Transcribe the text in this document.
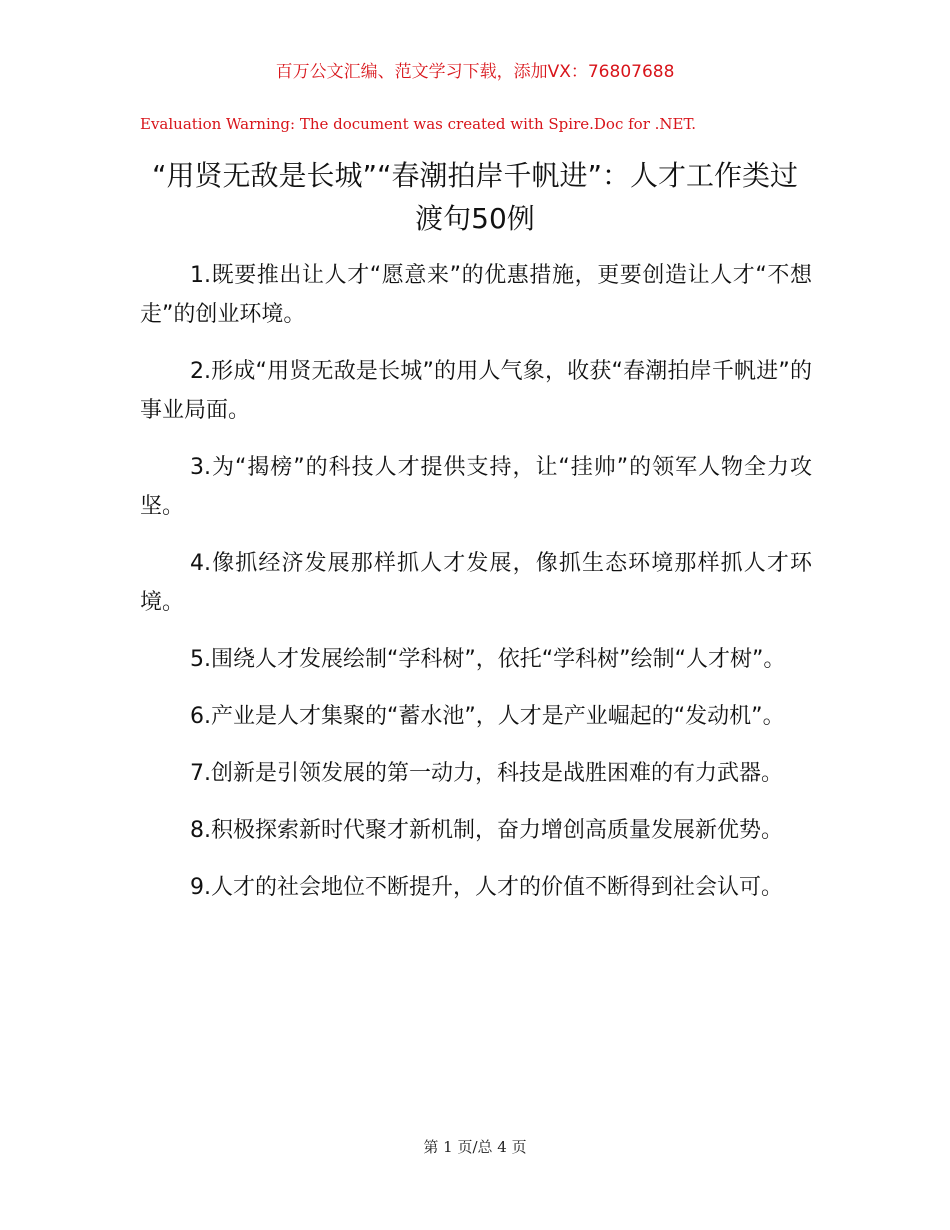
百万公文汇编、范文学习下载，添加VX：76807688
Evaluation Warning: The document was created with Spire.Doc for .NET.
“用贤无敌是长城”“春潮拍岸千帆进”：人才工作类过渡句50例
1.既要推出让人才“愿意来”的优惠措施，更要创造让人才“不想走”的创业环境。
2.形成“用贤无敌是长城”的用人气象，收获“春潮拍岸千帆进”的事业局面。
3.为“揭榜”的科技人才提供支持，让“挂帅”的领军人物全力攻坚。
4.像抓经济发展那样抓人才发展，像抓生态环境那样抓人才环境。
5.围绕人才发展绘制“学科树”，依托“学科树”绘制“人才树”。
6.产业是人才集聚的“蓄水池”，人才是产业崛起的“发动机”。
7.创新是引领发展的第一动力，科技是战胜困难的有力武器。
8.积极探索新时代聚才新机制，奋力增创高质量发展新优势。
9.人才的社会地位不断提升，人才的价值不断得到社会认可。
第 1 页/总 4 页
